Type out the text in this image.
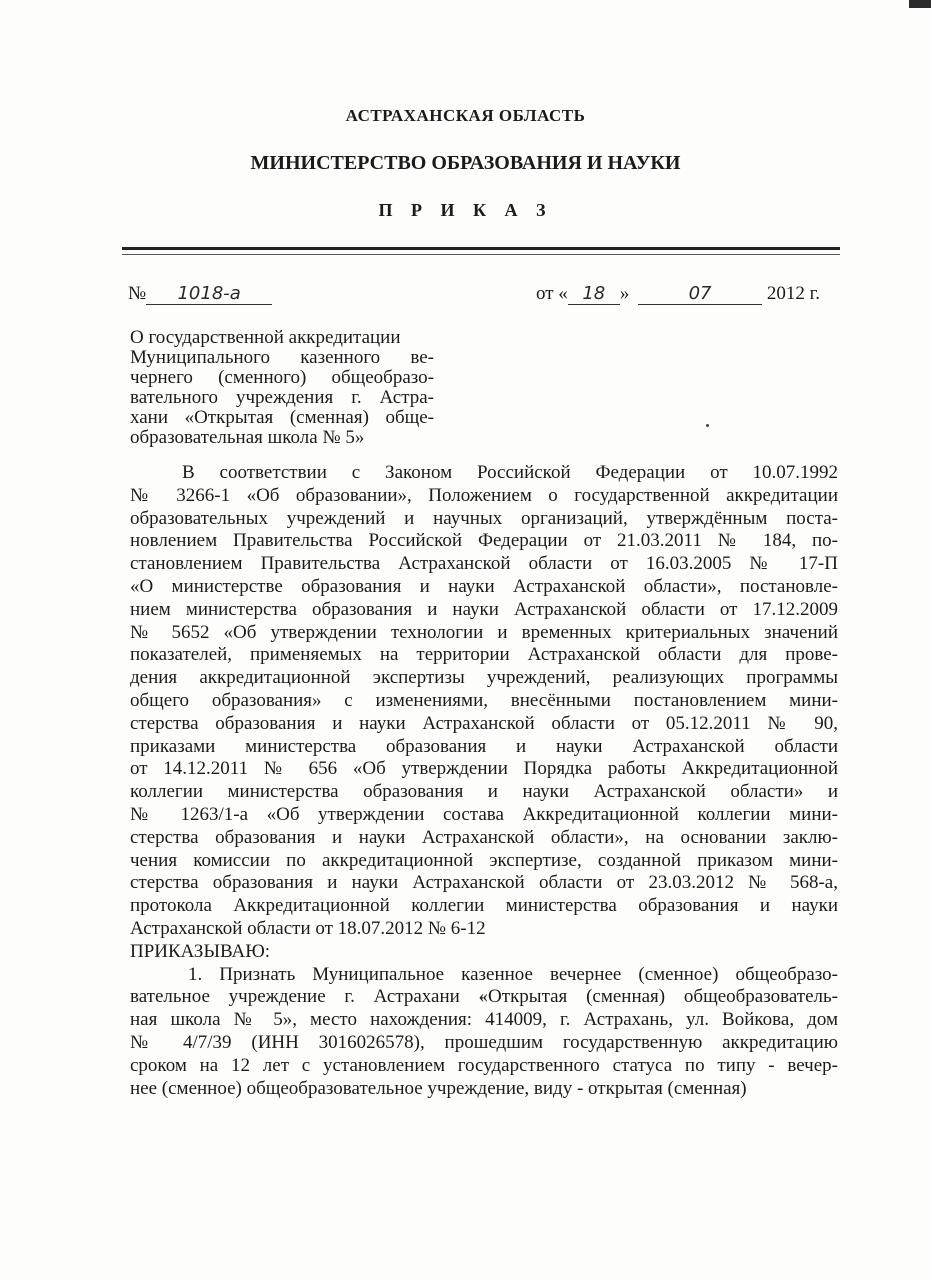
АСТРАХАНСКАЯ ОБЛАСТЬ
МИНИСТЕРСТВО ОБРАЗОВАНИЯ И НАУКИ
П Р И К А З
№ 1018-а	от « 18 »	07	2012 г.
О государственной аккредитации
Муниципального казенного ве-
чернего (сменного) общеобразо-
вательного учреждения г. Астра-
хани «Открытая (сменная) обще-
образовательная школа № 5»
В соответствии с Законом Российской Федерации от 10.07.1992
№ 3266-1 «Об образовании», Положением о государственной аккредитации
образовательных учреждений и научных организаций, утверждённым поста-
новлением Правительства Российской Федерации от 21.03.2011 № 184, по-
становлением Правительства Астраханской области от 16.03.2005 № 17-П
«О министерстве образования и науки Астраханской области», постановле-
нием министерства образования и науки Астраханской области от 17.12.2009
№ 5652 «Об утверждении технологии и временных критериальных значений
показателей, применяемых на территории Астраханской области для прове-
дения аккредитационной экспертизы учреждений, реализующих программы
общего образования» с изменениями, внесёнными постановлением мини-
стерства образования и науки Астраханской области от 05.12.2011 № 90,
приказами министерства образования и науки Астраханской области
от 14.12.2011 № 656 «Об утверждении Порядка работы Аккредитационной
коллегии министерства образования и науки Астраханской области» и
№ 1263/1-а «Об утверждении состава Аккредитационной коллегии мини-
стерства образования и науки Астраханской области», на основании заклю-
чения комиссии по аккредитационной экспертизе, созданной приказом мини-
стерства образования и науки Астраханской области от 23.03.2012 № 568-а,
протокола Аккредитационной коллегии министерства образования и науки
Астраханской области от 18.07.2012 № 6-12
ПРИКАЗЫВАЮ:
1. Признать Муниципальное казенное вечернее (сменное) общеобразо-
вательное учреждение г. Астрахани «Открытая (сменная) общеобразователь-
ная школа № 5», место нахождения: 414009, г. Астрахань, ул. Войкова, дом
№ 4/7/39 (ИНН 3016026578), прошедшим государственную аккредитацию
сроком на 12 лет с установлением государственного статуса по типу - вечер-
нее (сменное) общеобразовательное учреждение, виду - открытая (сменная)
